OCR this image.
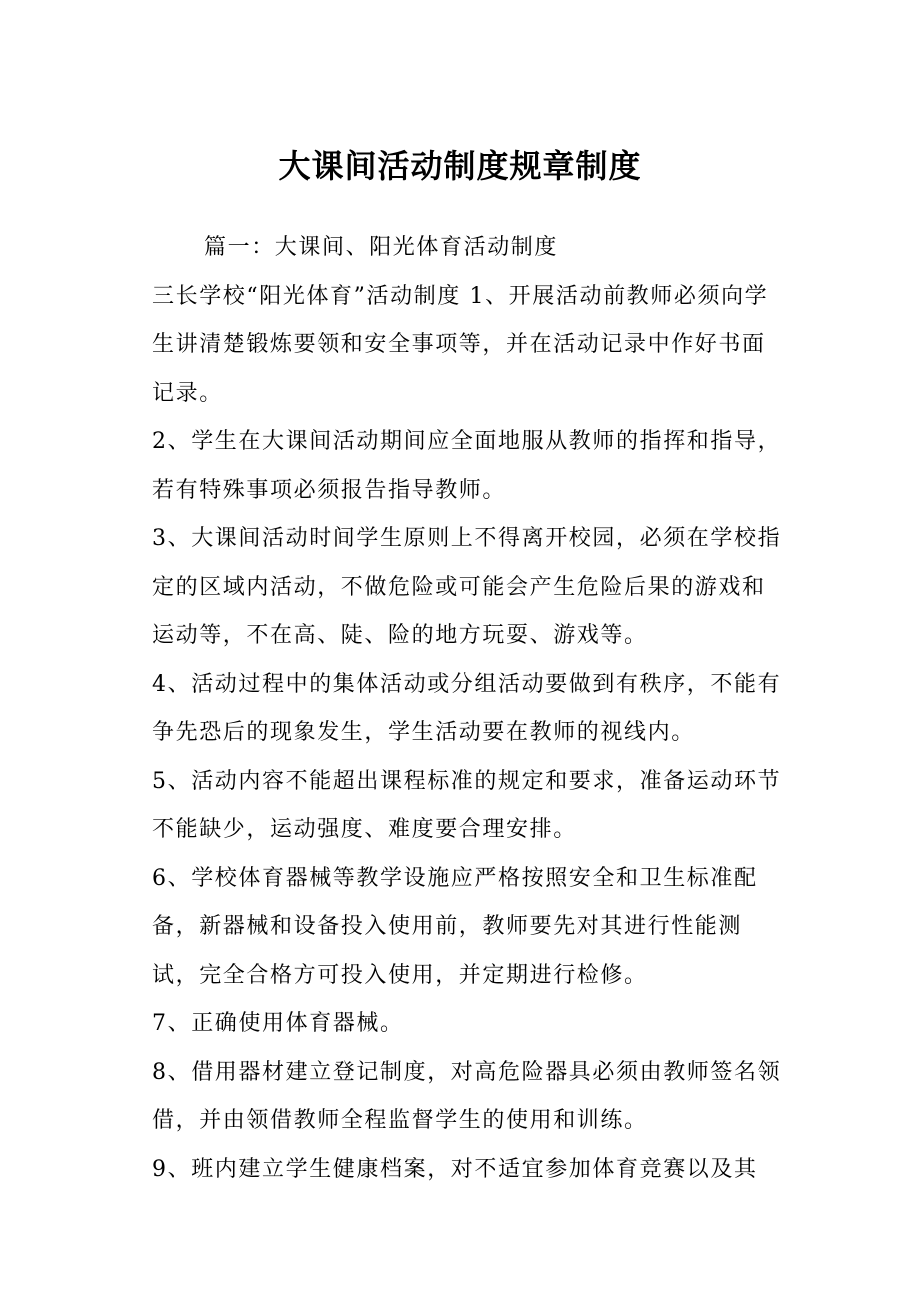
大课间活动制度规章制度

篇一：大课间、阳光体育活动制度

三长学校“阳光体育”活动制度 1、开展活动前教师必须向学生讲清楚锻炼要领和安全事项等，并在活动记录中作好书面记录。

2、学生在大课间活动期间应全面地服从教师的指挥和指导，若有特殊事项必须报告指导教师。

3、大课间活动时间学生原则上不得离开校园，必须在学校指定的区域内活动，不做危险或可能会产生危险后果的游戏和运动等，不在高、陡、险的地方玩耍、游戏等。

4、活动过程中的集体活动或分组活动要做到有秩序，不能有争先恐后的现象发生，学生活动要在教师的视线内。

5、活动内容不能超出课程标准的规定和要求，准备运动环节不能缺少，运动强度、难度要合理安排。

6、学校体育器械等教学设施应严格按照安全和卫生标准配备，新器械和设备投入使用前，教师要先对其进行性能测试，完全合格方可投入使用，并定期进行检修。

7、正确使用体育器械。

8、借用器材建立登记制度，对高危险器具必须由教师签名领借，并由领借教师全程监督学生的使用和训练。

9、班内建立学生健康档案，对不适宜参加体育竞赛以及其
